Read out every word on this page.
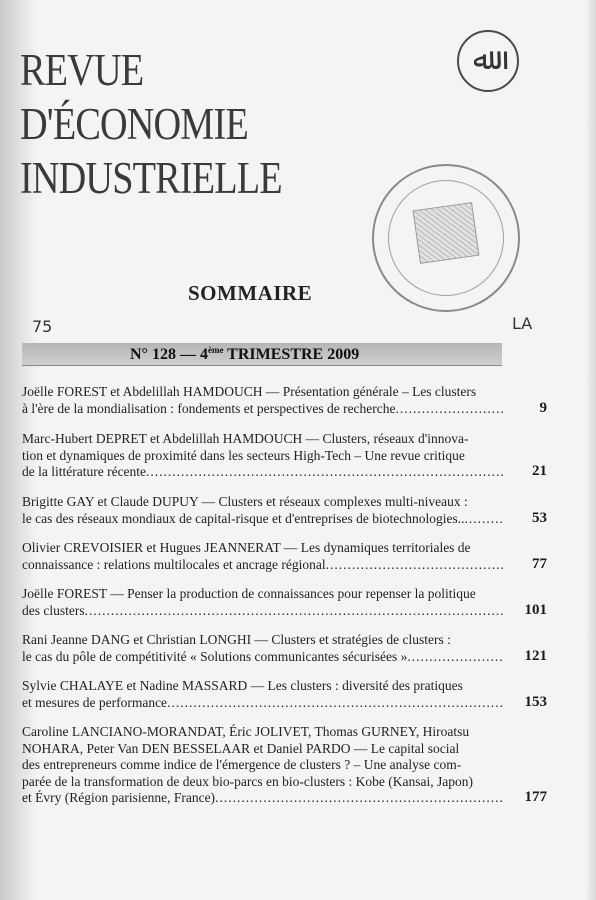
REVUE
D'ÉCONOMIE
INDUSTRIELLE
ﷲ
SOMMAIRE
75	LA
N° 128 — 4ème TRIMESTRE 2009
Joëlle FOREST et Abdelillah HAMDOUCH — Présentation générale – Les clusters
à l'ère de la mondialisation : fondements et perspectives de recherche .....	9
Marc-Hubert DEPRET et Abdelillah HAMDOUCH — Clusters, réseaux d'innova-
tion et dynamiques de proximité dans les secteurs High-Tech – Une revue critique
de la littérature récente .....	21
Brigitte GAY et Claude DUPUY — Clusters et réseaux complexes multi-niveaux :
le cas des réseaux mondiaux de capital-risque et d'entreprises de biotechnologies.. .....	53
Olivier CREVOISIER et Hugues JEANNERAT — Les dynamiques territoriales de
connaissance : relations multilocales et ancrage régional .....	77
Joëlle FOREST — Penser la production de connaissances pour repenser la politique
des clusters .....	101
Rani Jeanne DANG et Christian LONGHI — Clusters et stratégies de clusters :
le cas du pôle de compétitivité « Solutions communicantes sécurisées » .....	121
Sylvie CHALAYE et Nadine MASSARD — Les clusters : diversité des pratiques
et mesures de performance .....	153
Caroline LANCIANO-MORANDAT, Éric JOLIVET, Thomas GURNEY, Hiroatsu
NOHARA, Peter Van DEN BESSELAAR et Daniel PARDO — Le capital social
des entrepreneurs comme indice de l'émergence de clusters ? – Une analyse com-
parée de la transformation de deux bio-parcs en bio-clusters : Kobe (Kansai, Japon)
et Évry (Région parisienne, France) .....	177
